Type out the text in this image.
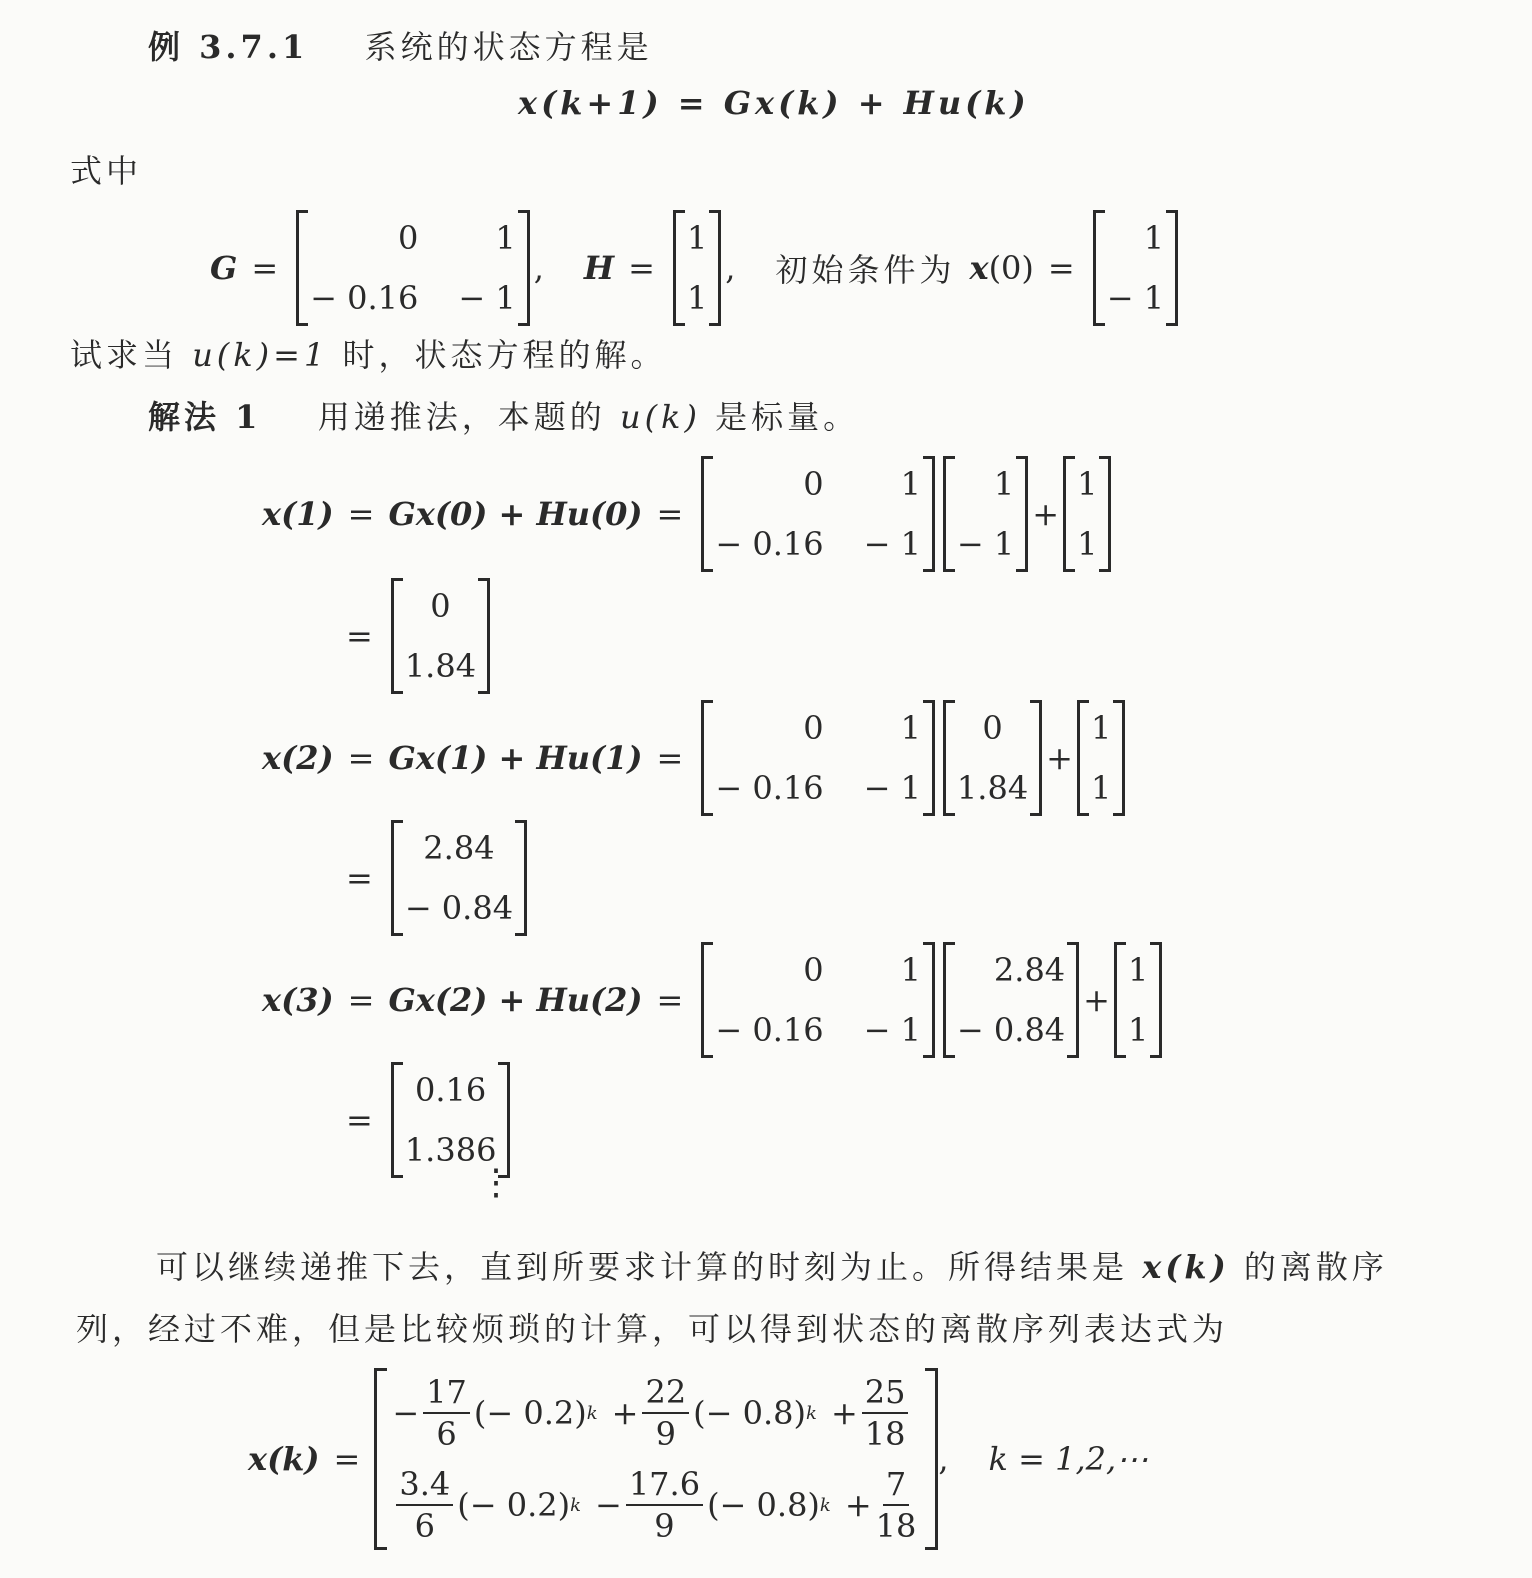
例 3.7.1 系统的状态方程是
x(k+1) = Gx(k) + Hu(k)
式中
G =
0	1
− 0.16 − 1
, H =
1
1
, 初始条件为 x (0) =
1
− 1
试求当 u(k)=1 时，状态方程的解。
解法 1 用递推法，本题的 u(k) 是标量。
x(1) = Gx(0) + Hu(0) =
0	1
− 0.16 − 1
1
− 1
+
1
1
=
0
1.84
x(2) = Gx(1) + Hu(1) =
0	1
− 0.16 − 1
0
1.84
+
1
1
=
2.84
− 0.84
x(3) = Gx(2) + Hu(2) =
0	1
− 0.16 − 1
2.84
− 0.84
+
1
1
=
0.16
1.386
⋮
可以继续递推下去，直到所要求计算的时刻为止。所得结果是 x(k) 的离散序
列，经过不难，但是比较烦琐的计算，可以得到状态的离散序列表达式为
x(k) =
− $\frac{17}{6}$ (− 0.2) $k + \frac{22}{9}$ (− 0.8) $k + \frac{25}{18}$
$\frac{3.4}{6}$ (− 0.2) $k - \frac{17.6}{9}$ (− 0.8) $k + \frac{7}{18}$
, k = 1,2,⋯
